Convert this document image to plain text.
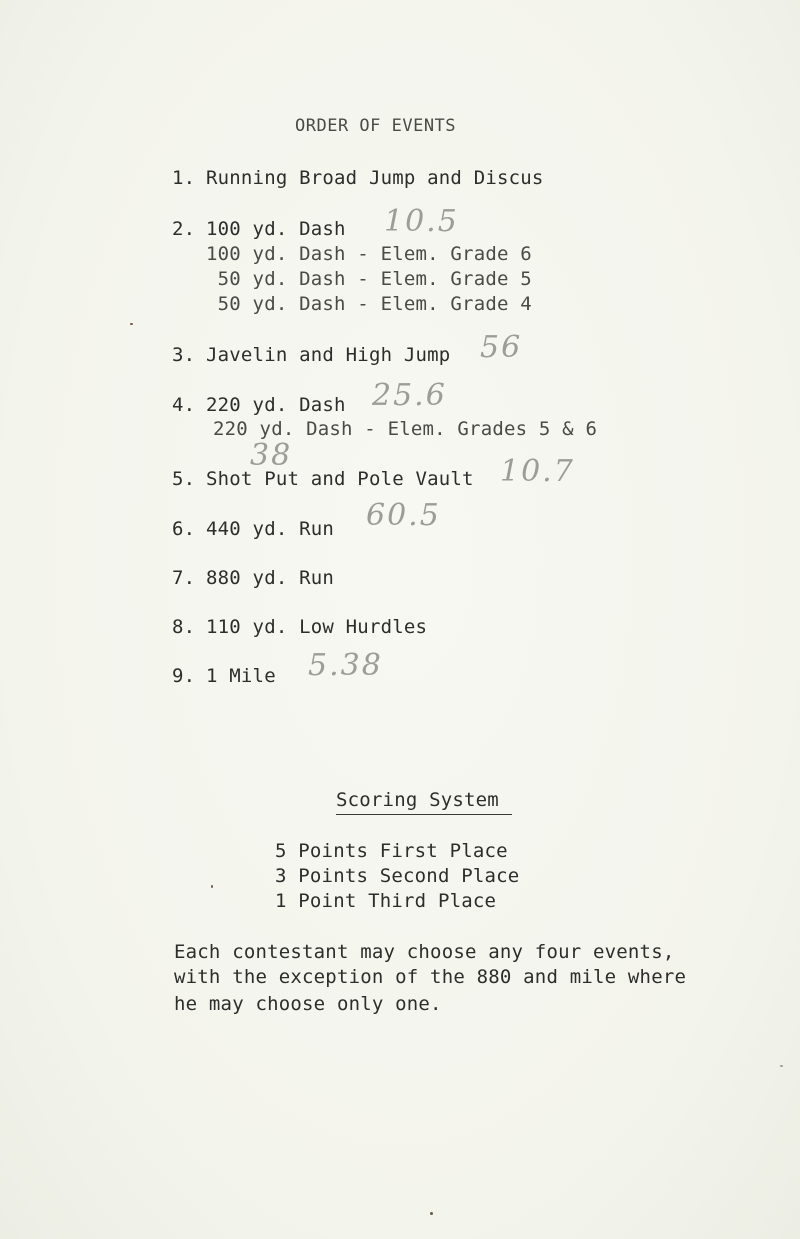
ORDER OF EVENTS
1. Running Broad Jump and Discus
2. 100 yd. Dash
100 yd. Dash - Elem. Grade 6
50 yd. Dash - Elem. Grade 5
50 yd. Dash - Elem. Grade 4
3. Javelin and High Jump
4. 220 yd. Dash
220 yd. Dash - Elem. Grades 5 & 6
5. Shot Put and Pole Vault
6. 440 yd. Run
7. 880 yd. Run
8. 110 yd. Low Hurdles
9. 1 Mile
10.5
56
25.6
38	10.7
60.5
5.38
Scoring System
5 Points First Place
3 Points Second Place
1 Point Third Place
Each contestant may choose any four events,
with the exception of the 880 and mile where
he may choose only one.
